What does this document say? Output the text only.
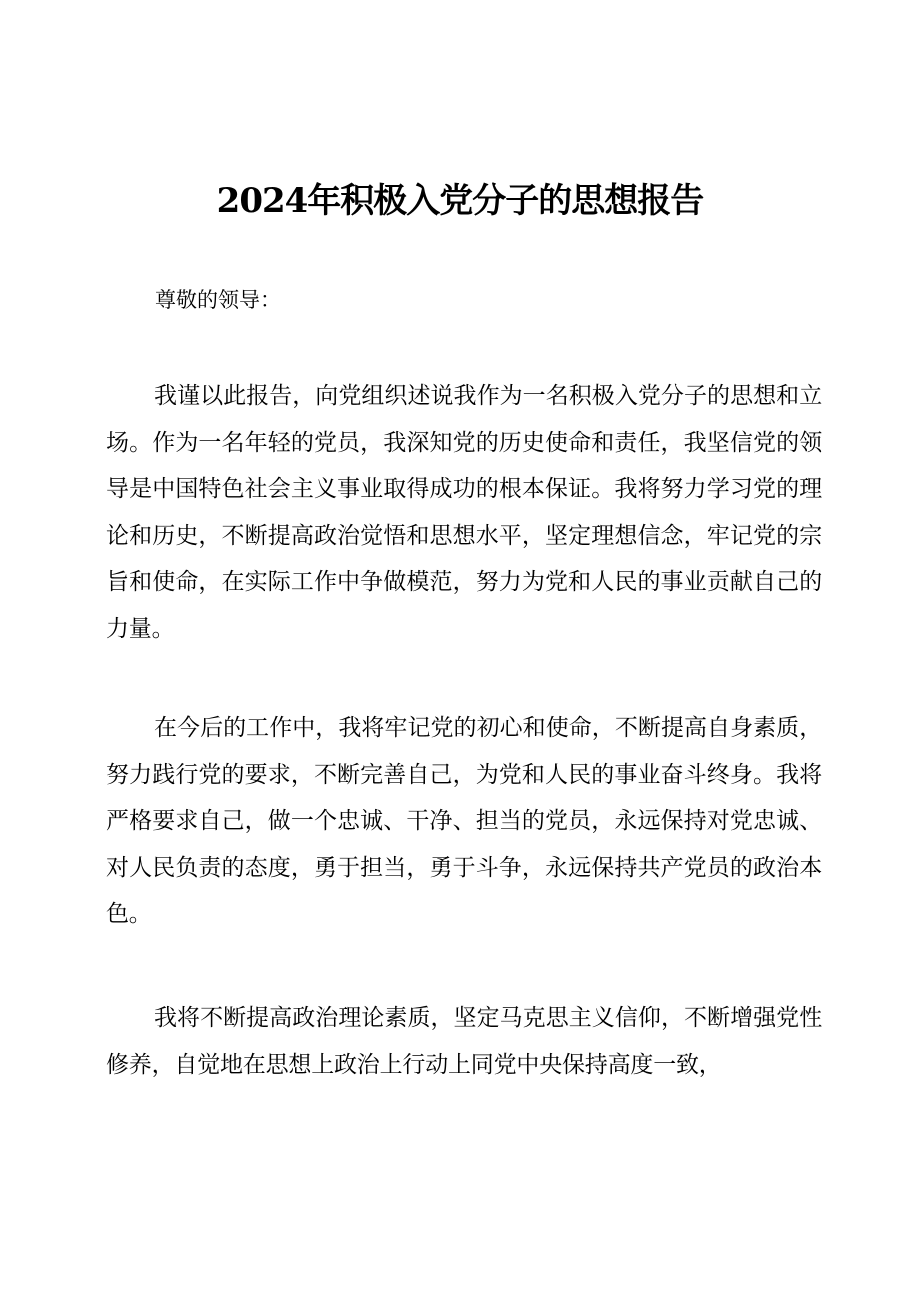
2024年积极入党分子的思想报告

尊敬的领导：

我谨以此报告，向党组织述说我作为一名积极入党分子的思想和立场。作为一名年轻的党员，我深知党的历史使命和责任，我坚信党的领导是中国特色社会主义事业取得成功的根本保证。我将努力学习党的理论和历史，不断提高政治觉悟和思想水平，坚定理想信念，牢记党的宗旨和使命，在实际工作中争做模范，努力为党和人民的事业贡献自己的力量。

在今后的工作中，我将牢记党的初心和使命，不断提高自身素质，努力践行党的要求，不断完善自己，为党和人民的事业奋斗终身。我将严格要求自己，做一个忠诚、干净、担当的党员，永远保持对党忠诚、对人民负责的态度，勇于担当，勇于斗争，永远保持共产党员的政治本色。

我将不断提高政治理论素质，坚定马克思主义信仰，不断增强党性修养，自觉地在思想上政治上行动上同党中央保持高度一致，
